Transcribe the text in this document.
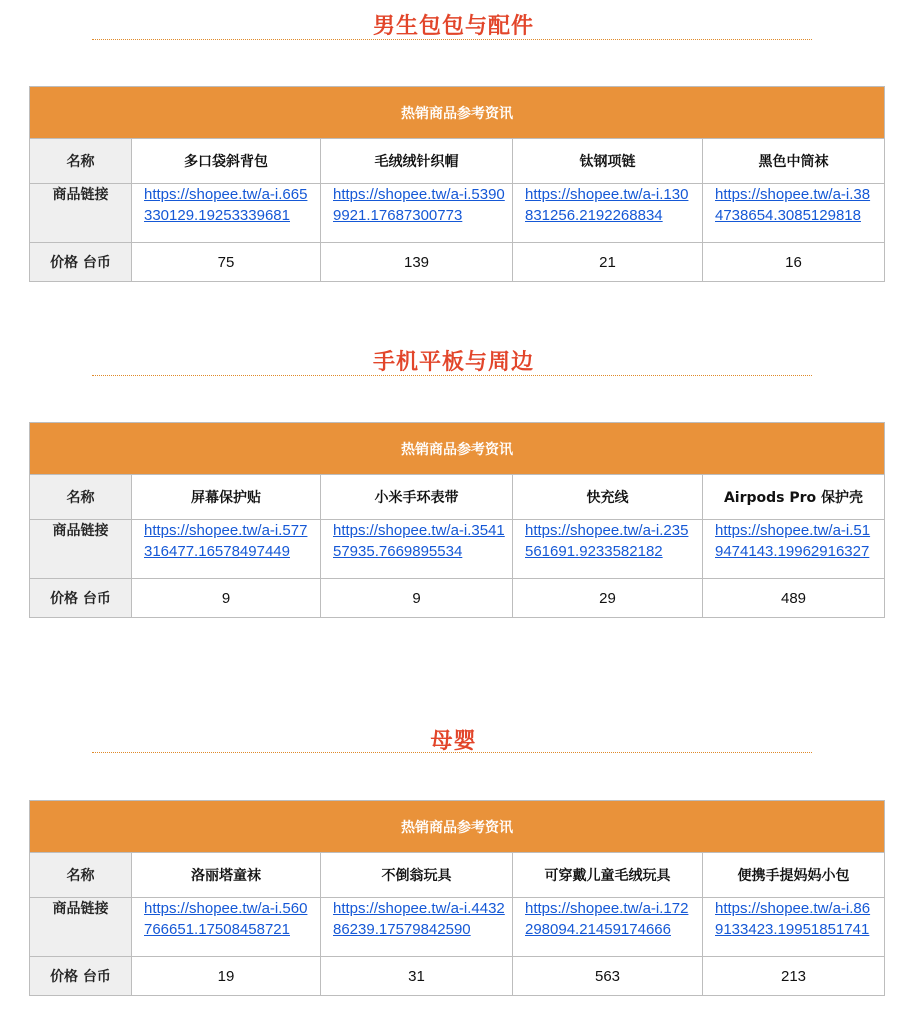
男生包包与配件
热销商品参考资讯				
名称	多口袋斜背包	毛绒绒针织帽	钛钢项链	黑色中筒袜
商品链接	https://shopee.tw/a-i.665330129.19253339681	https://shopee.tw/a-i.53909921.17687300773	https://shopee.tw/a-i.130831256.2192268834	https://shopee.tw/a-i.384738654.3085129818
价格 台币	75	139	21	16
手机平板与周边
热销商品参考资讯				
名称	屏幕保护贴	小米手环表带	快充线	Airpods Pro 保护壳
商品链接	https://shopee.tw/a-i.577316477.16578497449	https://shopee.tw/a-i.354157935.7669895534	https://shopee.tw/a-i.235561691.9233582182	https://shopee.tw/a-i.519474143.19962916327
价格 台币	9	9	29	489
母婴
热销商品参考资讯				
名称	洛丽塔童袜	不倒翁玩具	可穿戴儿童毛绒玩具	便携手提妈妈小包
商品链接	https://shopee.tw/a-i.560766651.17508458721	https://shopee.tw/a-i.443286239.17579842590	https://shopee.tw/a-i.172298094.21459174666	https://shopee.tw/a-i.869133423.19951851741
价格 台币	19	31	563	213
